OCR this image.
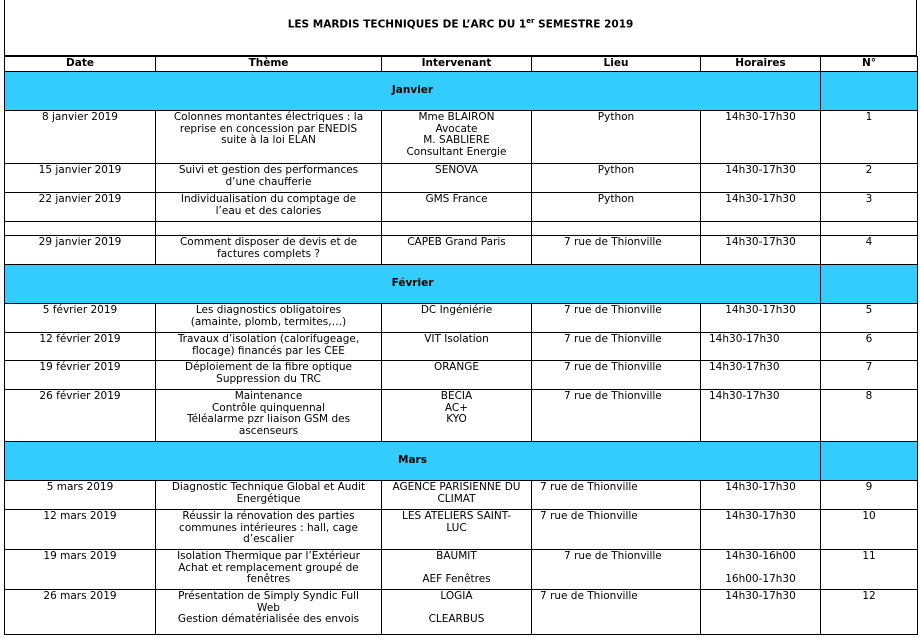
LES MARDIS TECHNIQUES DE L’ARC DU 1er SEMESTRE 2019
Date	Thème	Intervenant	Lieu	Horaires	N°
Janvier					
8 janvier 2019	Colonnes montantes électriques : la
reprise en concession par ENEDIS
suite à la loi ELAN	Mme BLAIRON
Avocate
M. SABLIERE
Consultant Energie	Python	14h30-17h30	1
15 janvier 2019	Suivi et gestion des performances
d’une chaufferie	SENOVA	Python	14h30-17h30	2
22 janvier 2019	Individualisation du comptage de
l’eau et des calories	GMS France	Python	14h30-17h30	3

29 janvier 2019	Comment disposer de devis et de
factures complets ?	CAPEB Grand Paris	7 rue de Thionville	14h30-17h30	4
Février					
5 février 2019	Les diagnostics obligatoires
(amainte, plomb, termites,…)	DC Ingéniérie	7 rue de Thionville	14h30-17h30	5
12 février 2019	Travaux d’isolation (calorifugeage,
flocage) financés par les CEE	VIT Isolation	7 rue de Thionville	14h30-17h30	6
19 février 2019	Déploiement de la fibre optique
Suppression du TRC	ORANGE	7 rue de Thionville	14h30-17h30	7
26 février 2019	Maintenance
Contrôle quinquennal
Téléalarme pzr liaison GSM des
ascenseurs	BECIA
AC+
KYO	7 rue de Thionville	14h30-17h30	8
Mars					
5 mars 2019	Diagnostic Technique Global et Audit
Energétique	AGENCE PARISIENNE DU
CLIMAT	7 rue de Thionville	14h30-17h30	9
12 mars 2019	Réussir la rénovation des parties
communes intérieures : hall, cage
d’escalier	LES ATELIERS SAINT-
LUC	7 rue de Thionville	14h30-17h30	10
19 mars 2019	Isolation Thermique par l’Extérieur
Achat et remplacement groupé de
fenêtres	BAUMIT

AEF Fenêtres	7 rue de Thionville	14h30-16h00

16h00-17h30	11
26 mars 2019	Présentation de Simply Syndic Full
Web
Gestion dématérialisée des envois	LOGIA

CLEARBUS	7 rue de Thionville	14h30-17h30	12
